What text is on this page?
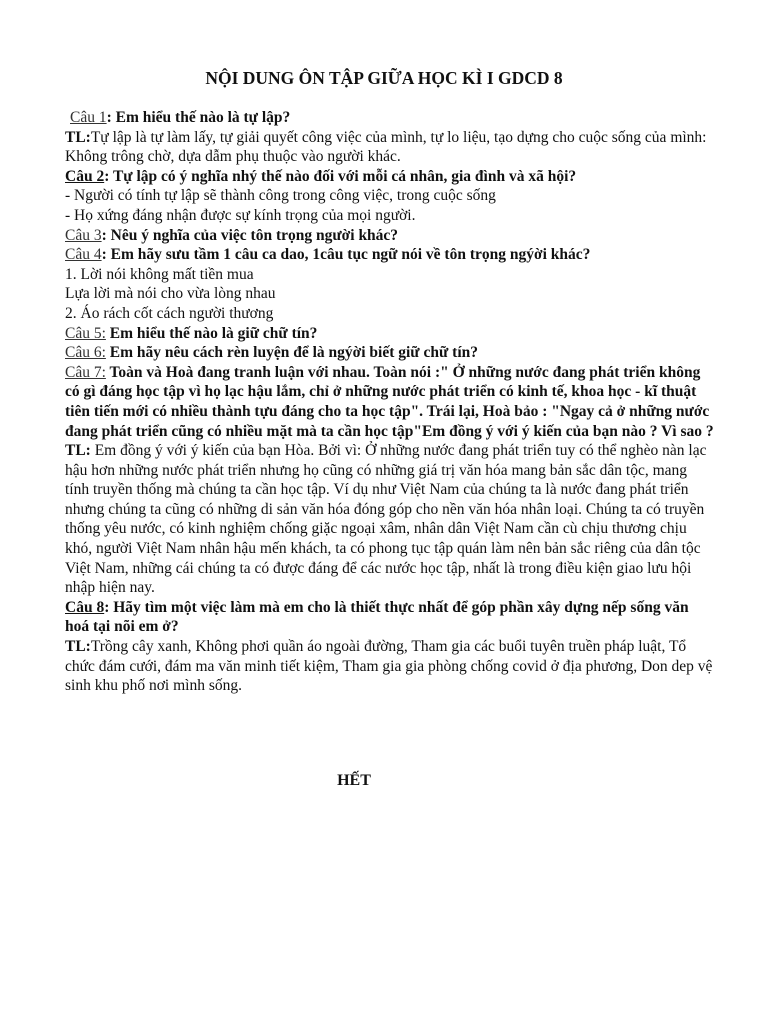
NỘI DUNG ÔN TẬP GIỮA HỌC KÌ I GDCD 8

Câu 1: Em hiểu thế nào là tự lập?

TL:Tự lập là tự làm lấy, tự giải quyết công việc của mình, tự lo liệu, tạo dựng cho cuộc sống của mình: Không trông chờ, dựa dẫm phụ thuộc vào người khác.

Câu 2: Tự lập có ý nghĩa nhý thế nào đối với mỗi cá nhân, gia đình và xã hội?

- Người có tính tự lập sẽ thành công trong công việc, trong cuộc sống

- Họ xứng đáng nhận được sự kính trọng của mọi người.

Câu 3: Nêu ý nghĩa của việc tôn trọng người khác?

Câu 4: Em hãy sưu tầm 1 câu ca dao, 1câu tục ngữ nói về tôn trọng ngýời khác?

1. Lời nói không mất tiền mua

Lựa lời mà nói cho vừa lòng nhau

2. Áo rách cốt cách người thương

Câu 5: Em hiểu thế nào là giữ chữ tín?

Câu 6: Em hãy nêu cách rèn luyện để là ngýời biết giữ chữ tín?

Câu 7: Toàn và Hoà đang tranh luận với nhau. Toàn nói :" Ở những nước đang phát triển không có gì đáng học tập vì họ lạc hậu lắm, chỉ ở những nước phát triển có kinh tế, khoa học - kĩ thuật tiên tiến mới có nhiều thành tựu đáng cho ta học tập". Trái lại, Hoà bảo : "Ngay cả ở những nước đang phát triển cũng có nhiều mặt mà ta cần học tập"Em đồng ý với ý kiến của bạn nào ? Vì sao ?

TL: Em đồng ý với ý kiến của bạn Hòa. Bởi vì: Ở những nước đang phát triển tuy có thể nghèo nàn lạc hậu hơn những nước phát triển nhưng họ cũng có những giá trị văn hóa mang bản sắc dân tộc, mang tính truyền thống mà chúng ta cần học tập. Ví dụ như Việt Nam của chúng ta là nước đang phát triển nhưng chúng ta cũng có những di sản văn hóa đóng góp cho nền văn hóa nhân loại. Chúng ta có truyền thống yêu nước, có kinh nghiệm chống giặc ngoại xâm, nhân dân Việt Nam cần cù chịu thương chịu khó, người Việt Nam nhân hậu mến khách, ta có phong tục tập quán làm nên bản sắc riêng của dân tộc Việt Nam, những cái chúng ta có được đáng để các nước học tập, nhất là trong điều kiện giao lưu hội nhập hiện nay.

Câu 8: Hãy tìm một việc làm mà em cho là thiết thực nhất để góp phần xây dựng nếp sống văn hoá tại nõi em ở?

TL:Trồng cây xanh, Không phơi quần áo ngoài đường, Tham gia các buổi tuyên truền pháp luật, Tổ chức đám cưới, đám ma văn minh tiết kiệm, Tham gia gia phòng chống covid ở địa phương, Don dep vệ sinh khu phố nơi mình sống.

HẾT
